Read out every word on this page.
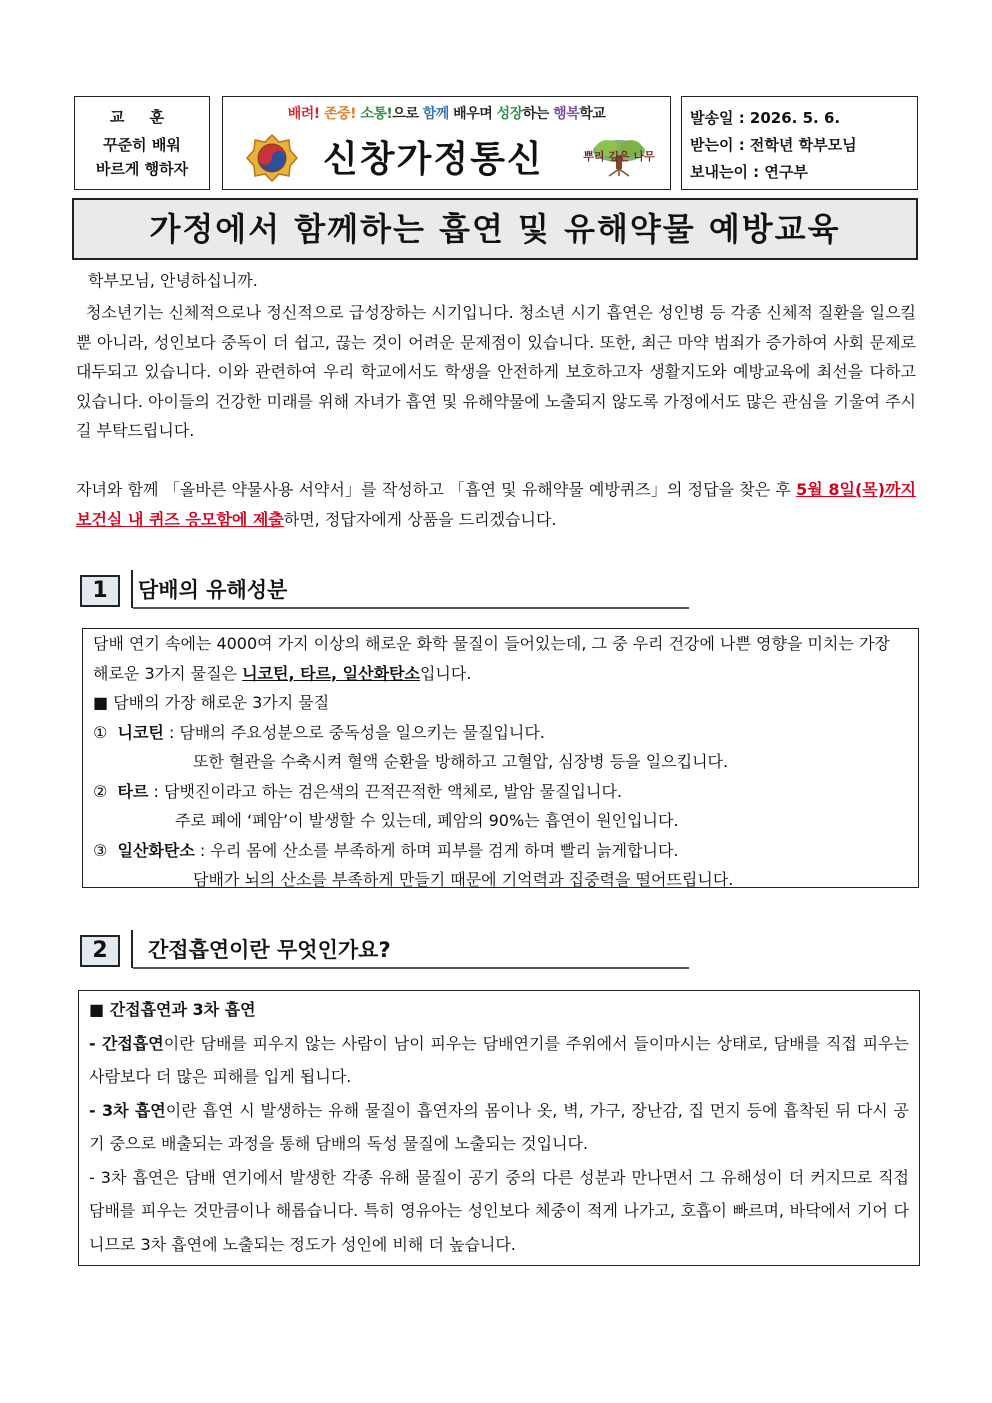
교 훈
꾸준히 배워
바르게 행하자
배려! 존중! 소통!으로 함께 배우며 성장하는 행복학교
신창가정통신	뿌리 깊은 나무
발송일 : 2026. 5. 6.
받는이 : 전학년 학부모님
보내는이 : 연구부
가정에서 함께하는 흡연 및 유해약물 예방교육
학부모님, 안녕하십니까.
청소년기는 신체적으로나 정신적으로 급성장하는 시기입니다. 청소년 시기 흡연은 성인병 등 각종 신체적 질환을 일으킬 뿐 아니라, 성인보다 중독이 더 쉽고, 끊는 것이 어려운 문제점이 있습니다. 또한, 최근 마약 범죄가 증가하여 사회 문제로 대두되고 있습니다. 이와 관련하여 우리 학교에서도 학생을 안전하게 보호하고자 생활지도와 예방교육에 최선을 다하고 있습니다. 아이들의 건강한 미래를 위해 자녀가 흡연 및 유해약물에 노출되지 않도록 가정에서도 많은 관심을 기울여 주시길 부탁드립니다.
자녀와 함께 「올바른 약물사용 서약서」를 작성하고 「흡연 및 유해약물 예방퀴즈」의 정답을 찾은 후 5월 8일(목)까지 보건실 내 퀴즈 응모함에 제출하면, 정답자에게 상품을 드리겠습니다.
1	담배의 유해성분
담배 연기 속에는 4000여 가지 이상의 해로운 화학 물질이 들어있는데, 그 중 우리 건강에 나쁜 영향을 미치는 가장 해로운 3가지 물질은 니코틴, 타르, 일산화탄소입니다.
■ 담배의 가장 해로운 3가지 물질
① 니코틴 : 담배의 주요성분으로 중독성을 일으키는 물질입니다.
또한 혈관을 수축시켜 혈액 순환을 방해하고 고혈압, 심장병 등을 일으킵니다.
② 타르 : 담뱃진이라고 하는 검은색의 끈적끈적한 액체로, 발암 물질입니다.
주로 폐에 ‘폐암’이 발생할 수 있는데, 폐암의 90%는 흡연이 원인입니다.
③ 일산화탄소 : 우리 몸에 산소를 부족하게 하며 피부를 검게 하며 빨리 늙게합니다.
담배가 뇌의 산소를 부족하게 만들기 때문에 기억력과 집중력을 떨어뜨립니다.
2	간접흡연이란 무엇인가요?
■ 간접흡연과 3차 흡연
- 간접흡연이란 담배를 피우지 않는 사람이 남이 피우는 담배연기를 주위에서 들이마시는 상태로, 담배를 직접 피우는 사람보다 더 많은 피해를 입게 됩니다.
- 3차 흡연이란 흡연 시 발생하는 유해 물질이 흡연자의 몸이나 옷, 벽, 가구, 장난감, 집 먼지 등에 흡착된 뒤 다시 공기 중으로 배출되는 과정을 통해 담배의 독성 물질에 노출되는 것입니다.
- 3차 흡연은 담배 연기에서 발생한 각종 유해 물질이 공기 중의 다른 성분과 만나면서 그 유해성이 더 커지므로 직접 담배를 피우는 것만큼이나 해롭습니다. 특히 영유아는 성인보다 체중이 적게 나가고, 호흡이 빠르며, 바닥에서 기어 다니므로 3차 흡연에 노출되는 정도가 성인에 비해 더 높습니다.
